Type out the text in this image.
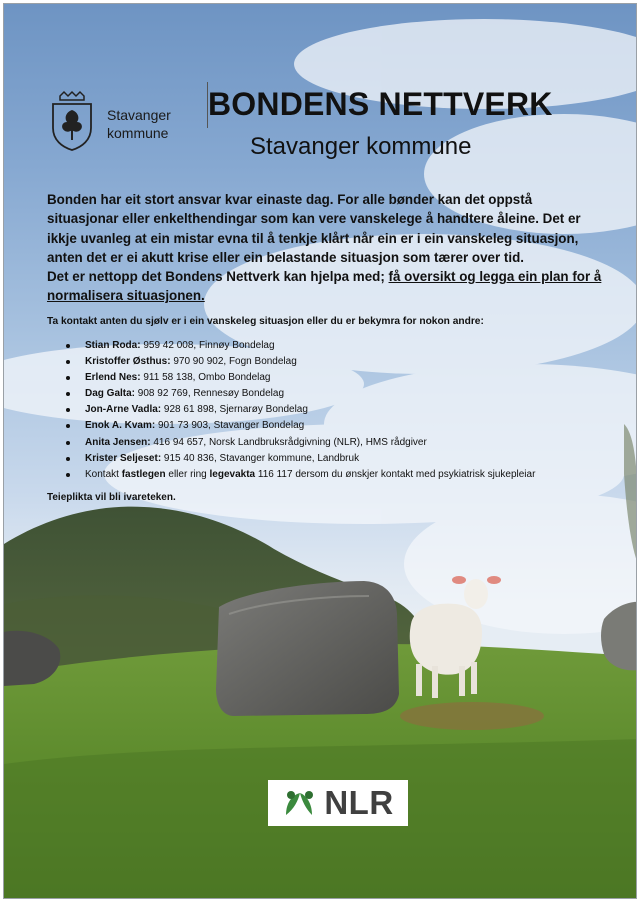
Stavanger
kommune
BONDENS NETTVERK
Stavanger kommune
Bonden har eit stort ansvar kvar einaste dag. For alle bønder kan det oppstå situasjonar eller enkelthendingar som kan vere vanskelege å handtere åleine. Det er ikkje uvanleg at ein mistar evna til å tenkje klårt når ein er i ein vanskeleg situasjon, anten det er ei akutt krise eller ein belastande situasjon som tærer over tid.
Det er nettopp det Bondens Nettverk kan hjelpa med; få oversikt og legga ein plan for å normalisera situasjonen.
Ta kontakt anten du sjølv er i ein vanskeleg situasjon eller du er bekymra for nokon andre:
Stian Roda: 959 42 008, Finnøy Bondelag
Kristoffer Østhus: 970 90 902, Fogn Bondelag
Erlend Nes: 911 58 138, Ombo Bondelag
Dag Galta: 908 92 769, Rennesøy Bondelag
Jon-Arne Vadla: 928 61 898, Sjernarøy Bondelag
Enok A. Kvam: 901 73 903, Stavanger Bondelag
Anita Jensen: 416 94 657, Norsk Landbruksrådgivning (NLR), HMS rådgiver
Krister Seljeset: 915 40 836, Stavanger kommune, Landbruk
Kontakt fastlegen eller ring legevakta 116 117 dersom du ønskjer kontakt med psykiatrisk sjukepleiar
Teieplikta vil bli ivareteken.
NLR
